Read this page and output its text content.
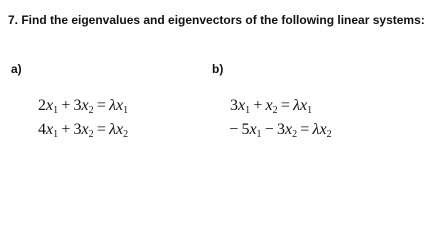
7. Find the eigenvalues and eigenvectors of the following linear systems:
a)	b)
$2x_1 + 3x_2 = \lambda x_1$
$4x_1 + 3x_2 = \lambda x_2$
$3x_1 + x_2 = \lambda x_1$
 − $5x_1 - 3x_2 = \lambda x_2$
